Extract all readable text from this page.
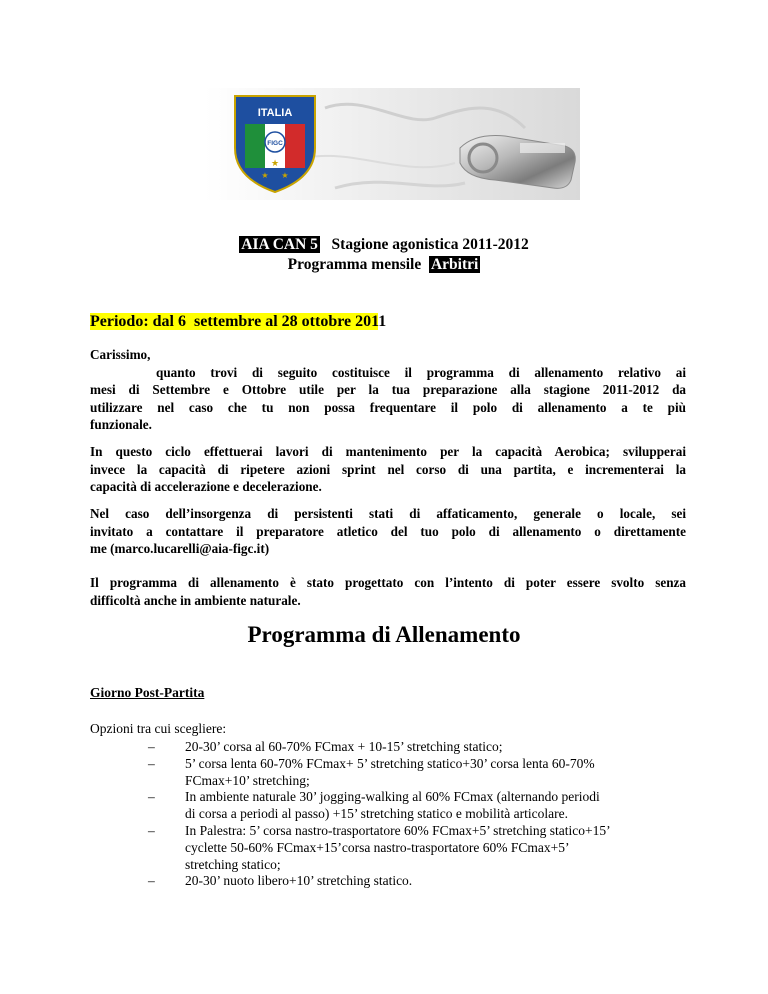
ITALIA
FIGC
★
★ ★
AIA CAN 5 Stagione agonistica 2011-2012
Programma mensile Arbitri
Periodo: dal 6  settembre al 28 ottobre 2011
Carissimo,
quanto trovi di seguito costituisce il programma di allenamento relativo ai
mesi di Settembre e Ottobre utile per la tua preparazione alla stagione 2011-2012 da
utilizzare nel caso che tu non possa frequentare il polo di allenamento a te più
funzionale.
In questo ciclo effettuerai lavori di mantenimento per la capacità Aerobica; svilupperai
invece la capacità di ripetere azioni sprint nel corso di una partita, e incrementerai la
capacità di accelerazione e decelerazione.
Nel caso dell’insorgenza di persistenti stati di affaticamento, generale o locale, sei
invitato a contattare il preparatore atletico del tuo polo di allenamento o direttamente
me (marco.lucarelli@aia-figc.it)
Il programma di allenamento è stato progettato con l’intento di poter essere svolto senza
difficoltà anche in ambiente naturale.
Programma di Allenamento
Giorno Post-Partita
Opzioni tra cui scegliere:
– 20-30’ corsa al 60-70% FCmax + 10-15’ stretching statico;
– 5’ corsa lenta 60-70% FCmax+ 5’ stretching statico+30’ corsa lenta 60-70%
FCmax+10’ stretching;
– In ambiente naturale 30’ jogging-walking al 60% FCmax (alternando periodi
di corsa a periodi al passo) +15’ stretching statico e mobilità articolare.
– In Palestra: 5’ corsa nastro-trasportatore 60% FCmax+5’ stretching statico+15’
cyclette 50-60% FCmax+15’corsa nastro-trasportatore 60% FCmax+5’
stretching statico;
– 20-30’ nuoto libero+10’ stretching statico.
